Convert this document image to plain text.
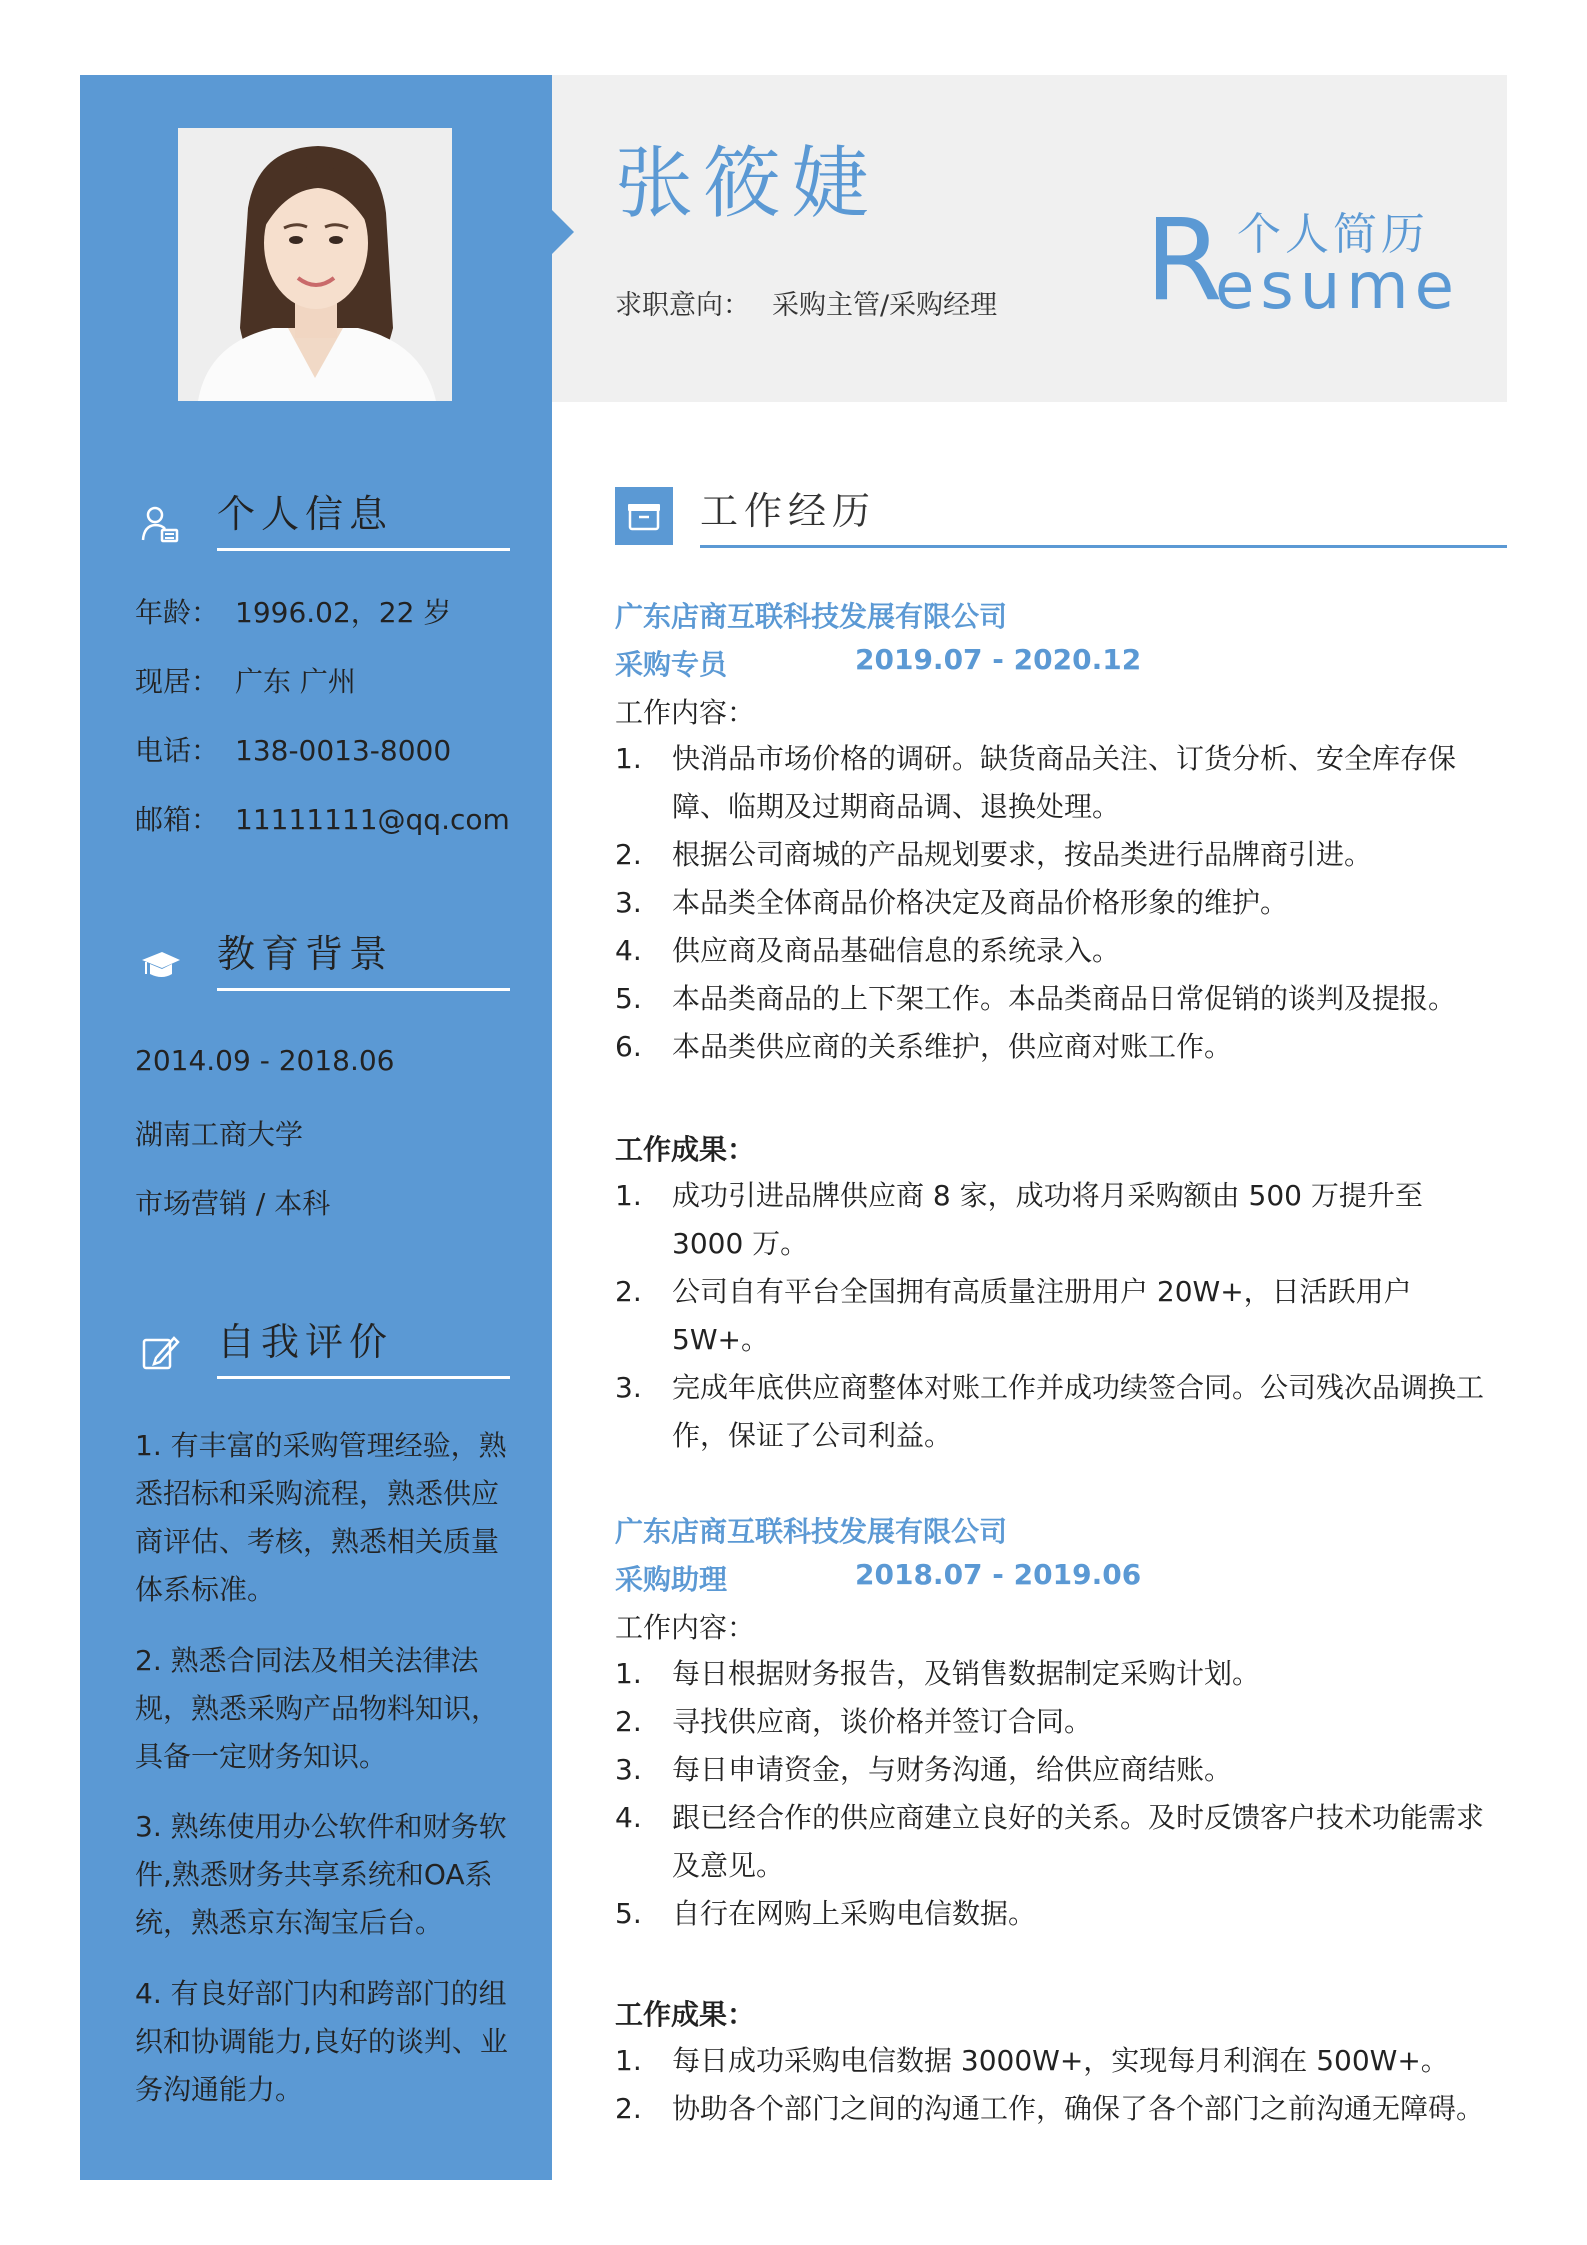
张筱婕
求职意向： 采购主管/采购经理 R 个人简历
esume
个人信息
年龄： 1996.02，22 岁
现居： 广东 广州
电话： 138-0013-8000
邮箱： 11111111@qq.com
教育背景
2014.09 - 2018.06
湖南工商大学
市场营销 / 本科
自我评价
1. 有丰富的采购管理经验，熟悉招标和采购流程，熟悉供应商评估、考核，熟悉相关质量体系标准。
2. 熟悉合同法及相关法律法规，熟悉采购产品物料知识，具备一定财务知识。
3. 熟练使用办公软件和财务软件,熟悉财务共享系统和OA系统，熟悉京东淘宝后台。
4. 有良好部门内和跨部门的组织和协调能力,良好的谈判、业务沟通能力。
工作经历
广东店商互联科技发展有限公司
采购专员	2019.07 - 2020.12
工作内容：
1. 快消品市场价格的调研。缺货商品关注、订货分析、安全库存保障、临期及过期商品调、退换处理。
2. 根据公司商城的产品规划要求，按品类进行品牌商引进。
3. 本品类全体商品价格决定及商品价格形象的维护。
4. 供应商及商品基础信息的系统录入。
5. 本品类商品的上下架工作。本品类商品日常促销的谈判及提报。
6. 本品类供应商的关系维护，供应商对账工作。
工作成果：
1. 成功引进品牌供应商 8 家，成功将月采购额由 500 万提升至 3000 万。
2. 公司自有平台全国拥有高质量注册用户 20W+，日活跃用户 5W+。
3. 完成年底供应商整体对账工作并成功续签合同。公司残次品调换工作，保证了公司利益。
广东店商互联科技发展有限公司
采购助理	2018.07 - 2019.06
工作内容：
1. 每日根据财务报告，及销售数据制定采购计划。
2. 寻找供应商，谈价格并签订合同。
3. 每日申请资金，与财务沟通，给供应商结账。
4. 跟已经合作的供应商建立良好的关系。及时反馈客户技术功能需求及意见。
5. 自行在网购上采购电信数据。
工作成果：
1. 每日成功采购电信数据 3000W+，实现每月利润在 500W+。
2. 协助各个部门之间的沟通工作，确保了各个部门之前沟通无障碍。
